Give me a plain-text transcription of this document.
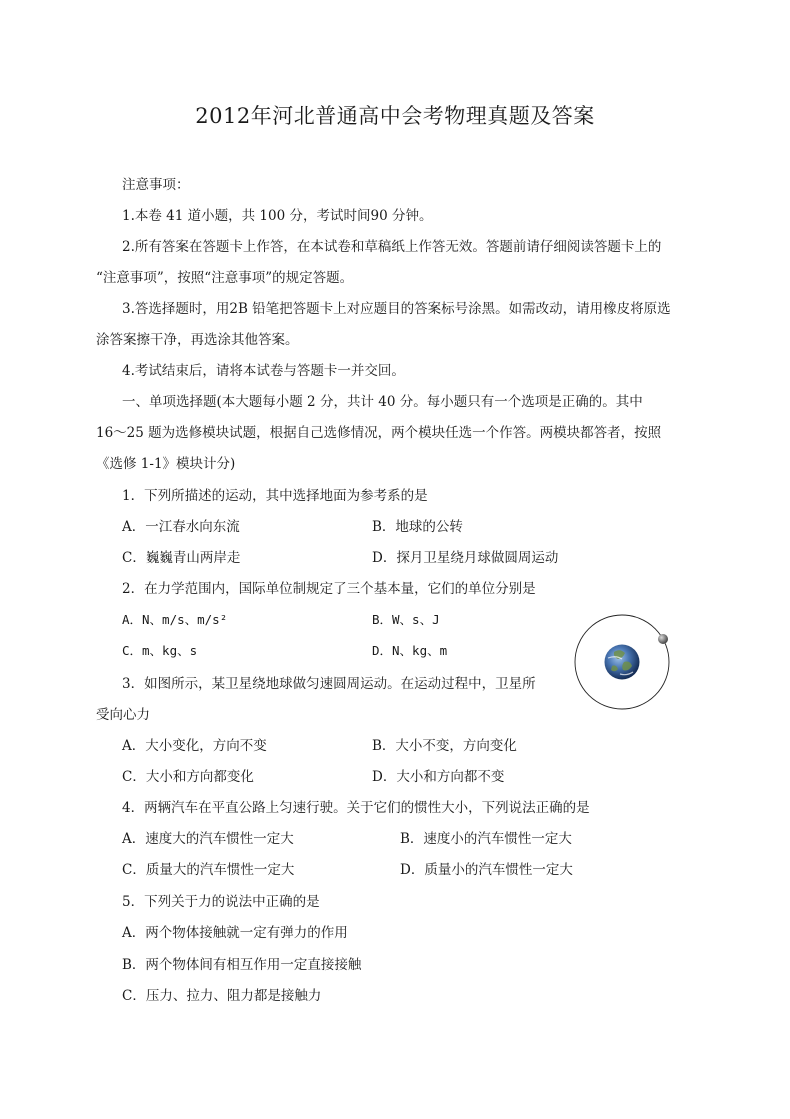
2012年河北普通高中会考物理真题及答案
注意事项：
1.本卷 41 道小题，共 100 分，考试时间90 分钟。
2.所有答案在答题卡上作答，在本试卷和草稿纸上作答无效。答题前请仔细阅读答题卡上的
“注意事项”，按照“注意事项”的规定答题。
3.答选择题时，用2B 铅笔把答题卡上对应题目的答案标号涂黑。如需改动，请用橡皮将原选
涂答案擦干净，再选涂其他答案。
4.考试结束后，请将本试卷与答题卡一并交回。
一、单项选择题(本大题每小题 2 分，共计 40 分。每小题只有一个选项是正确的。其中
16～25 题为选修模块试题，根据自己选修情况，两个模块任选一个作答。两模块都答者，按照
《选修 1-1》模块计分)
1．下列所描述的运动，其中选择地面为参考系的是
A．一江春水向东流	B．地球的公转
C．巍巍青山两岸走	D．探月卫星绕月球做圆周运动
2．在力学范围内，国际单位制规定了三个基本量，它们的单位分别是
A．N、m/s、m/s²	B．W、s、J
C．m、kg、s	D．N、kg、m
3．如图所示，某卫星绕地球做匀速圆周运动。在运动过程中，卫星所
受向心力
A．大小变化，方向不变	B．大小不变，方向变化
C．大小和方向都变化	D．大小和方向都不变
4．两辆汽车在平直公路上匀速行驶。关于它们的惯性大小，下列说法正确的是
A．速度大的汽车惯性一定大	B．速度小的汽车惯性一定大
C．质量大的汽车惯性一定大	D．质量小的汽车惯性一定大
5．下列关于力的说法中正确的是
A．两个物体接触就一定有弹力的作用
B．两个物体间有相互作用一定直接接触
C．压力、拉力、阻力都是接触力
